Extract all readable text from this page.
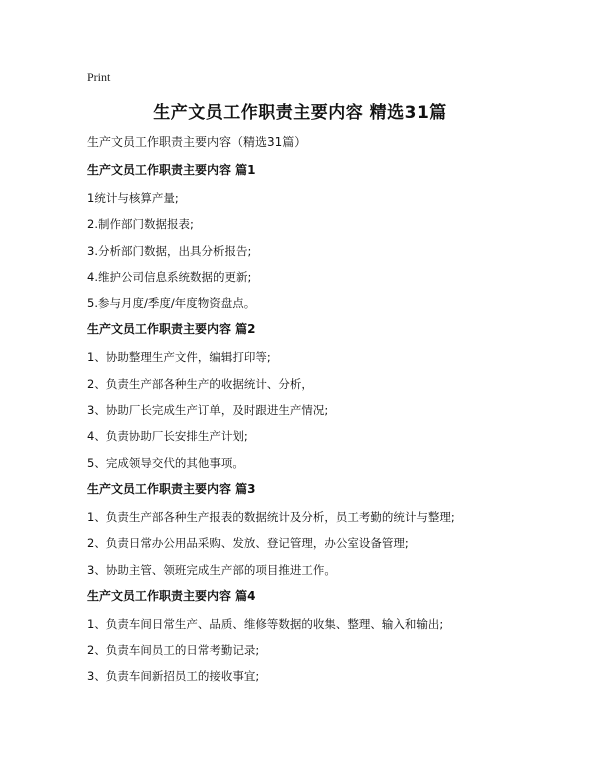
Print
生产文员工作职责主要内容 精选31篇
生产文员工作职责主要内容（精选31篇）
生产文员工作职责主要内容 篇1
1统计与核算产量;
2.制作部门数据报表;
3.分析部门数据，出具分析报告;
4.维护公司信息系统数据的更新;
5.参与月度/季度/年度物资盘点。
生产文员工作职责主要内容 篇2
1、协助整理生产文件，编辑打印等;
2、负责生产部各种生产的收据统计、分析，
3、协助厂长完成生产订单，及时跟进生产情况;
4、负责协助厂长安排生产计划;
5、完成领导交代的其他事项。
生产文员工作职责主要内容 篇3
1、负责生产部各种生产报表的数据统计及分析，员工考勤的统计与整理;
2、负责日常办公用品采购、发放、登记管理，办公室设备管理;
3、协助主管、领班完成生产部的项目推进工作。
生产文员工作职责主要内容 篇4
1、负责车间日常生产、品质、维修等数据的收集、整理、输入和输出;
2、负责车间员工的日常考勤记录;
3、负责车间新招员工的接收事宜;
